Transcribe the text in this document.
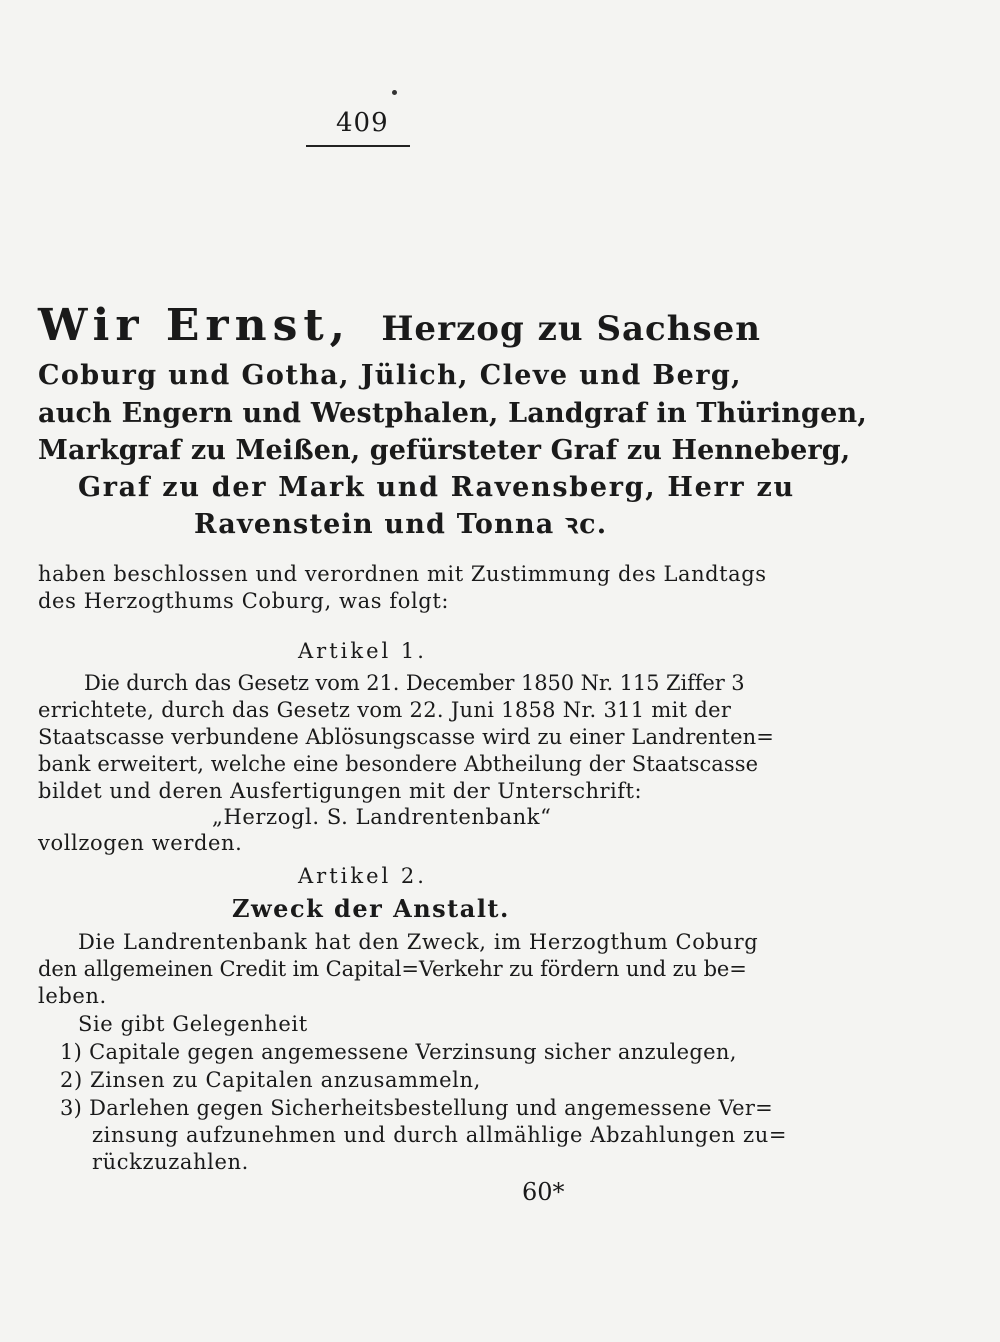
409
Wir Ernst, Herzog zu Sachsen
Coburg und Gotha, Jülich, Cleve und Berg,
auch Engern und Westphalen, Landgraf in Thüringen,
Markgraf zu Meißen, gefürsteter Graf zu Henneberg,
Graf zu der Mark und Ravensberg, Herr zu
Ravenstein und Tonna ꝛc.
haben beschlossen und verordnen mit Zustimmung des Landtags
des Herzogthums Coburg, was folgt:
Artikel 1.
Die durch das Gesetz vom 21. December 1850 Nr. 115 Ziffer 3
errichtete, durch das Gesetz vom 22. Juni 1858 Nr. 311 mit der
Staatscasse verbundene Ablösungscasse wird zu einer Landrenten=
bank erweitert, welche eine besondere Abtheilung der Staatscasse
bildet und deren Ausfertigungen mit der Unterschrift:
„Herzogl. S. Landrentenbank“
vollzogen werden.
Artikel 2.
Zweck der Anstalt.
Die Landrentenbank hat den Zweck, im Herzogthum Coburg
den allgemeinen Credit im Capital=Verkehr zu fördern und zu be=
leben.
Sie gibt Gelegenheit
1) Capitale gegen angemessene Verzinsung sicher anzulegen,
2) Zinsen zu Capitalen anzusammeln,
3) Darlehen gegen Sicherheitsbestellung und angemessene Ver=
zinsung aufzunehmen und durch allmählige Abzahlungen zu=
rückzuzahlen.
60*
